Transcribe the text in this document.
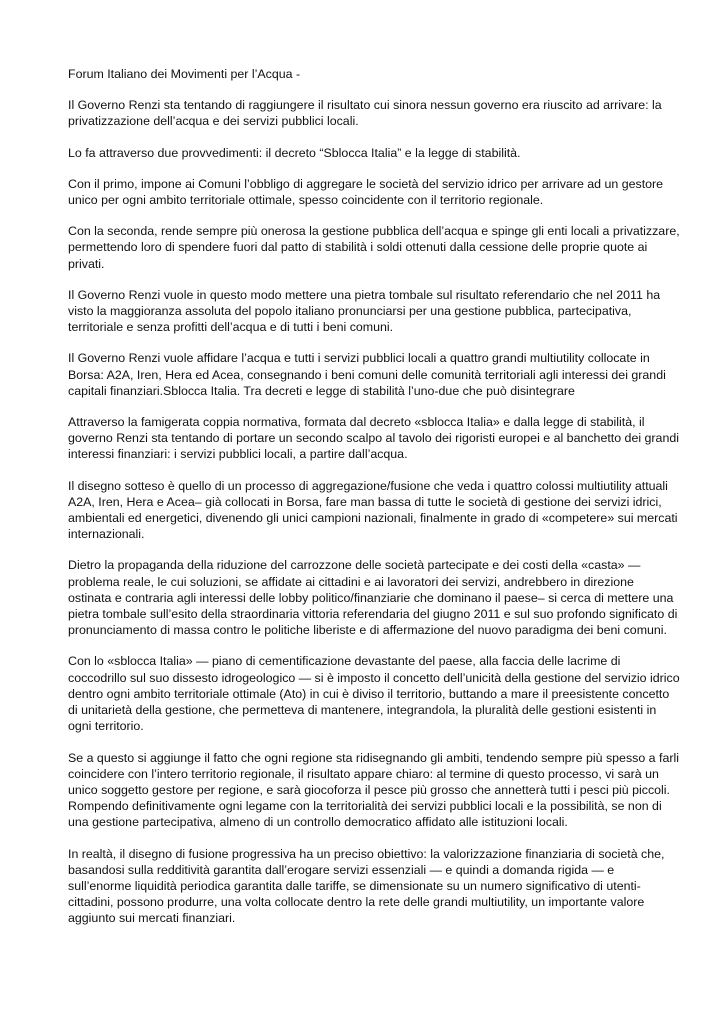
Forum Italiano dei Movimenti per l’Acqua -

Il Governo Renzi sta tentando di raggiungere il risultato cui sinora nessun governo era riuscito ad arrivare: la privatizzazione dell’acqua e dei servizi pubblici locali.

Lo fa attraverso due provvedimenti: il decreto “Sblocca Italia” e la legge di stabilità.

Con il primo, impone ai Comuni l’obbligo di aggregare le società del servizio idrico per arrivare ad un gestore unico per ogni ambito territoriale ottimale, spesso coincidente con il territorio regionale.

Con la seconda, rende sempre più onerosa la gestione pubblica dell’acqua e spinge gli enti locali a privatizzare, permettendo loro di spendere fuori dal patto di stabilità i soldi ottenuti dalla cessione delle proprie quote ai privati.

Il Governo Renzi vuole in questo modo mettere una pietra tombale sul risultato referendario che nel 2011 ha visto la maggioranza assoluta del popolo italiano pronunciarsi per una gestione pubblica, partecipativa, territoriale e senza profitti dell’acqua e di tutti i beni comuni.

Il Governo Renzi vuole affidare l’acqua e tutti i servizi pubblici locali a quattro grandi multiutility collocate in Borsa: A2A, Iren, Hera ed Acea, consegnando i beni comuni delle comunità territoriali agli interessi dei grandi capitali finanziari.Sblocca Italia. Tra decreti e legge di stabilità l’uno-due che può disintegrare

Attraverso la famigerata coppia normativa, formata dal decreto «sblocca Italia» e dalla legge di stabilità, il governo Renzi sta tentando di portare un secondo scalpo al tavolo dei rigoristi europei e al banchetto dei grandi interessi finanziari: i servizi pubblici locali, a partire dall’acqua.

Il disegno sotteso è quello di un processo di aggregazione/fusione che veda i quattro colossi multiutility attuali A2A, Iren, Hera e Acea– già collocati in Borsa, fare man bassa di tutte le società di gestione dei servizi idrici, ambientali ed energetici, divenendo gli unici campioni nazionali, finalmente in grado di «competere» sui mercati internazionali.

Dietro la propaganda della riduzione del carrozzone delle società partecipate e dei costi della «casta» — problema reale, le cui soluzioni, se affidate ai cittadini e ai lavoratori dei servizi, andrebbero in direzione ostinata e contraria agli interessi delle lobby politico/finanziarie che dominano il paese– si cerca di mettere una pietra tombale sull’esito della straordinaria vittoria referendaria del giugno 2011 e sul suo profondo significato di pronunciamento di massa contro le politiche liberiste e di affermazione del nuovo paradigma dei beni comuni.

Con lo «sblocca Italia» — piano di cementificazione devastante del paese, alla faccia delle lacrime di coccodrillo sul suo dissesto idrogeologico — si è imposto il concetto dell’unicità della gestione del servizio idrico dentro ogni ambito territoriale ottimale (Ato) in cui è diviso il territorio, buttando a mare il preesistente concetto di unitarietà della gestione, che permetteva di mantenere, integrandola, la pluralità delle gestioni esistenti in ogni territorio.

Se a questo si aggiunge il fatto che ogni regione sta ridisegnando gli ambiti, tendendo sempre più spesso a farli coincidere con l’intero territorio regionale, il risultato appare chiaro: al termine di questo processo, vi sarà un unico soggetto gestore per regione, e sarà giocoforza il pesce più grosso che annetterà tutti i pesci più piccoli. Rompendo definitivamente ogni legame con la territorialità dei servizi pubblici locali e la possibilità, se non di una gestione partecipativa, almeno di un controllo democratico affidato alle istituzioni locali.

In realtà, il disegno di fusione progressiva ha un preciso obiettivo: la valorizzazione finanziaria di società che, basandosi sulla redditività garantita dall’erogare servizi essenziali — e quindi a domanda rigida — e sull’enorme liquidità periodica garantita dalle tariffe, se dimensionate su un numero significativo di utenti-cittadini, possono produrre, una volta collocate dentro la rete delle grandi multiutility, un importante valore aggiunto sui mercati finanziari.
